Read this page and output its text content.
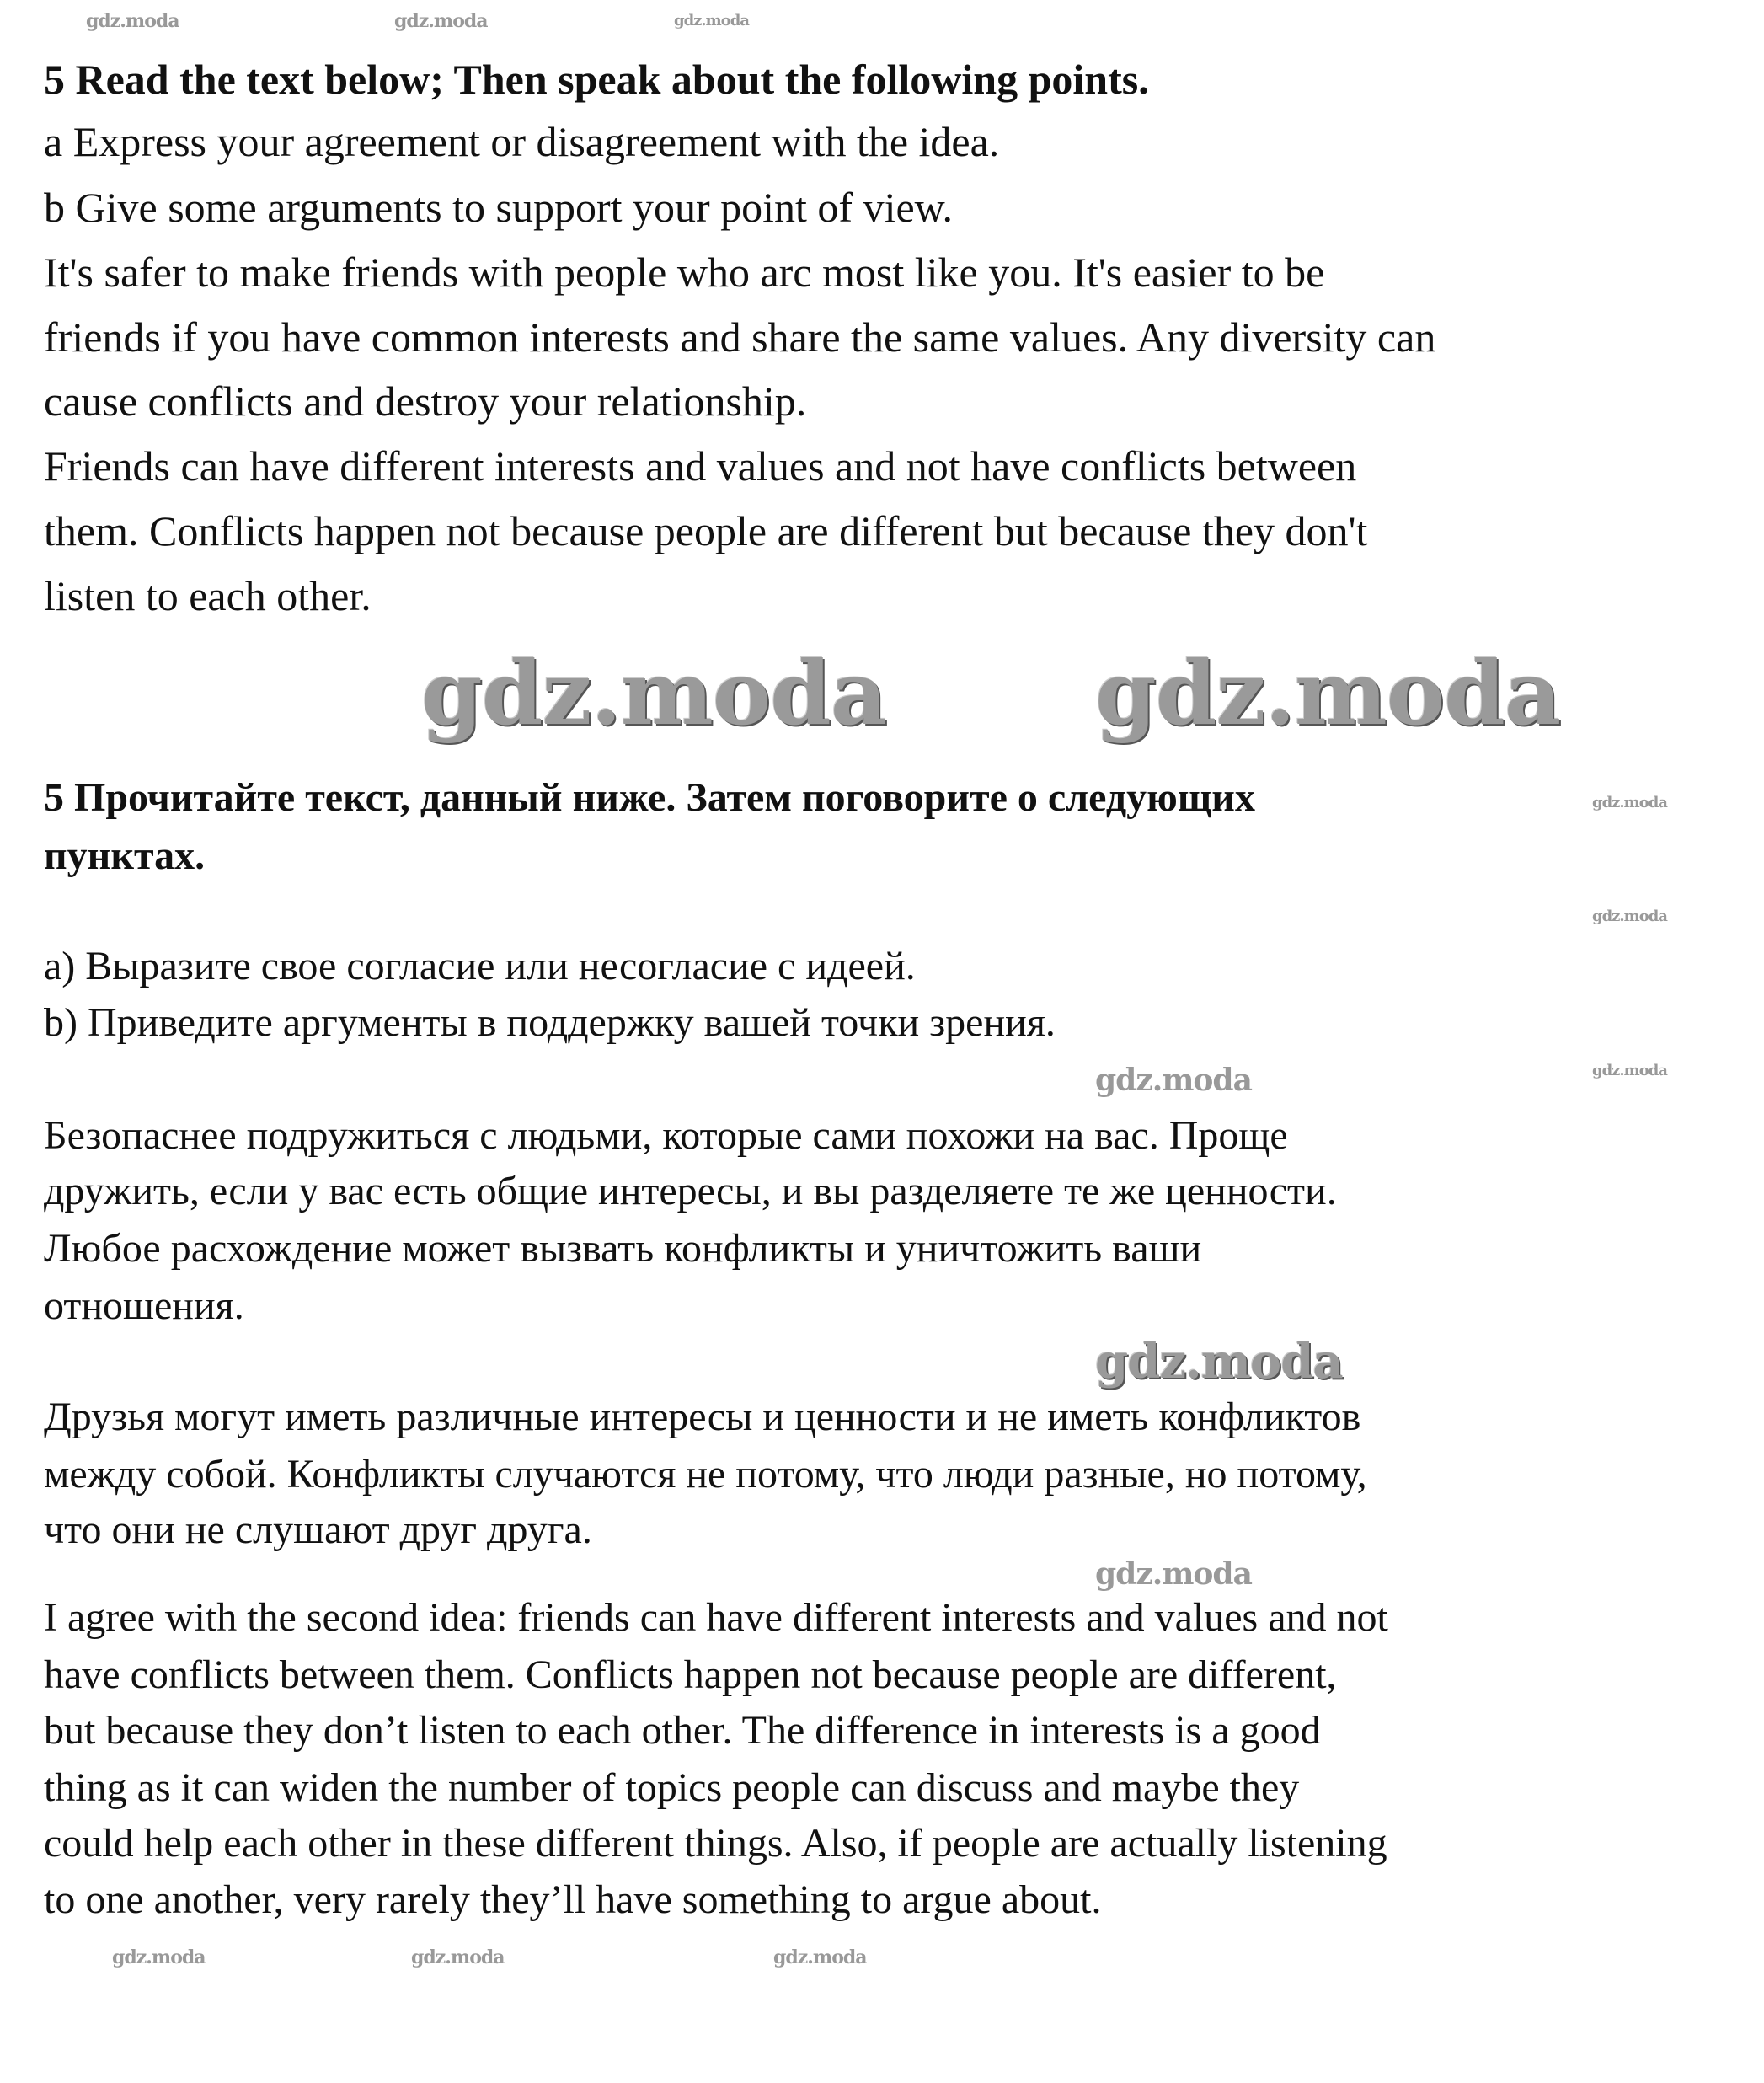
5 Read the text below; Then speak about the following points.
a Express your agreement or disagreement with the idea.
b Give some arguments to support your point of view.
It's safer to make friends with people who arc most like you. It's easier to be
friends if you have common interests and share the same values. Any diversity can
cause conflicts and destroy your relationship.
Friends can have different interests and values and not have conflicts between
them. Conflicts happen not because people are different but because they don't
listen to each other.
5 Прочитайте текст, данный ниже. Затем поговорите о следующих
пунктах.
a) Выразите свое согласие или несогласие с идеей.
b) Приведите аргументы в поддержку вашей точки зрения.
Безопаснее подружиться с людьми, которые сами похожи на вас. Проще
дружить, если у вас есть общие интересы, и вы разделяете те же ценности.
Любое расхождение может вызвать конфликты и уничтожить ваши
отношения.
Друзья могут иметь различные интересы и ценности и не иметь конфликтов
между собой. Конфликты случаются не потому, что люди разные, но потому,
что они не слушают друг друга.
I agree with the second idea: friends can have different interests and values and not
have conflicts between them. Conflicts happen not because people are different,
but because they don’t listen to each other. The difference in interests is a good
thing as it can widen the number of topics people can discuss and maybe they
could help each other in these different things. Also, if people are actually listening
to one another, very rarely they’ll have something to argue about.
gdz.moda
gdz.moda
gdz.moda
gdz.moda	gdz.moda	gdz.moda
gdz.moda
gdz.moda
gdz.moda
gdz.moda
gdz.moda
gdz.moda	gdz.moda	gdz.moda
